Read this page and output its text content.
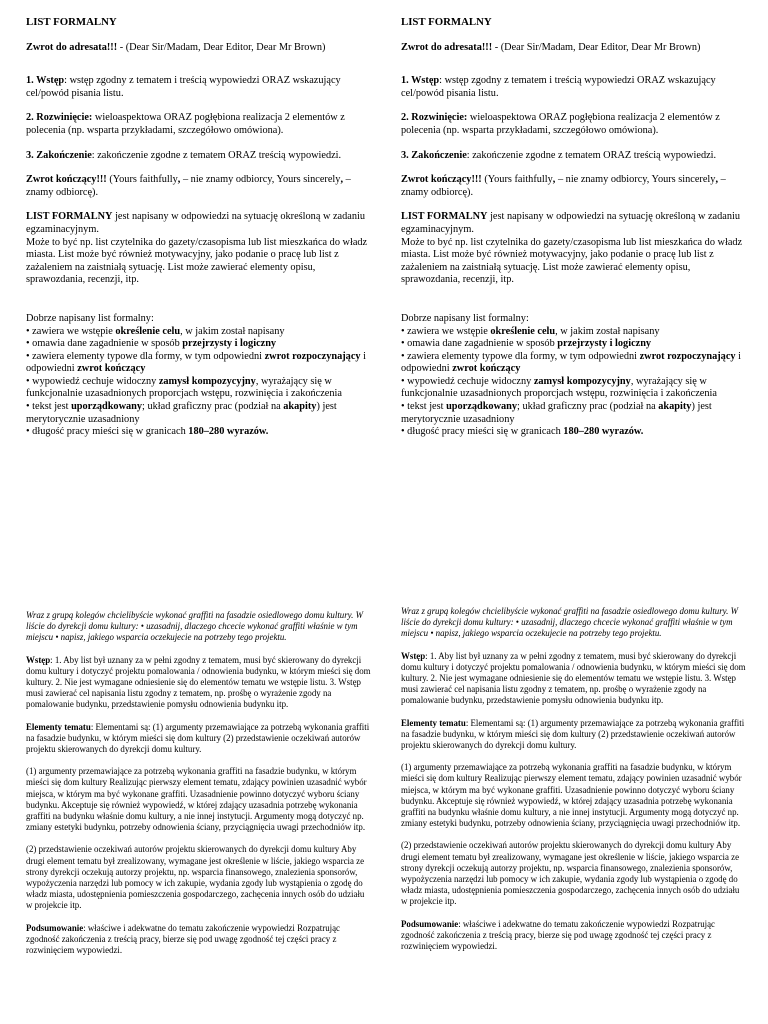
LIST FORMALNY

Zwrot do adresata!!! - (Dear Sir/Madam, Dear Editor, Dear Mr Brown)

1. Wstęp: wstęp zgodny z tematem i treścią wypowiedzi ORAZ wskazujący cel/powód pisania listu.

2. Rozwinięcie: wieloaspektowa ORAZ pogłębiona realizacja 2 elementów z polecenia (np. wsparta przykładami, szczegółowo omówiona).

3. Zakończenie: zakończenie zgodne z tematem ORAZ treścią wypowiedzi.

Zwrot kończący!!! (Yours faithfully, – nie znamy odbiorcy, Yours sincerely, – znamy odbiorcę).

LIST FORMALNY jest napisany w odpowiedzi na sytuację określoną w zadaniu egzaminacyjnym.
Może to być np. list czytelnika do gazety/czasopisma lub list mieszkańca do władz miasta. List może być również motywacyjny, jako podanie o pracę lub list z zażaleniem na zaistniałą sytuację. List może zawierać elementy opisu, sprawozdania, recenzji, itp.

Dobrze napisany list formalny:
• zawiera we wstępie określenie celu, w jakim został napisany
• omawia dane zagadnienie w sposób przejrzysty i logiczny
• zawiera elementy typowe dla formy, w tym odpowiedni zwrot rozpoczynający i odpowiedni zwrot kończący
• wypowiedź cechuje widoczny zamysł kompozycyjny, wyrażający się w funkcjonalnie uzasadnionych proporcjach wstępu, rozwinięcia i zakończenia
• tekst jest uporządkowany; układ graficzny prac (podział na akapity) jest merytorycznie uzasadniony
• długość pracy mieści się w granicach 180–280 wyrazów.

LIST FORMALNY

Zwrot do adresata!!! - (Dear Sir/Madam, Dear Editor, Dear Mr Brown)

1. Wstęp: wstęp zgodny z tematem i treścią wypowiedzi ORAZ wskazujący cel/powód pisania listu.

2. Rozwinięcie: wieloaspektowa ORAZ pogłębiona realizacja 2 elementów z polecenia (np. wsparta przykładami, szczegółowo omówiona).

3. Zakończenie: zakończenie zgodne z tematem ORAZ treścią wypowiedzi.

Zwrot kończący!!! (Yours faithfully, – nie znamy odbiorcy, Yours sincerely, – znamy odbiorcę).

LIST FORMALNY jest napisany w odpowiedzi na sytuację określoną w zadaniu egzaminacyjnym.
Może to być np. list czytelnika do gazety/czasopisma lub list mieszkańca do władz miasta. List może być również motywacyjny, jako podanie o pracę lub list z zażaleniem na zaistniałą sytuację. List może zawierać elementy opisu, sprawozdania, recenzji, itp.

Dobrze napisany list formalny:
• zawiera we wstępie określenie celu, w jakim został napisany
• omawia dane zagadnienie w sposób przejrzysty i logiczny
• zawiera elementy typowe dla formy, w tym odpowiedni zwrot rozpoczynający i odpowiedni zwrot kończący
• wypowiedź cechuje widoczny zamysł kompozycyjny, wyrażający się w funkcjonalnie uzasadnionych proporcjach wstępu, rozwinięcia i zakończenia
• tekst jest uporządkowany; układ graficzny prac (podział na akapity) jest merytorycznie uzasadniony
• długość pracy mieści się w granicach 180–280 wyrazów.

Wraz z grupą kolegów chcielibyście wykonać graffiti na fasadzie osiedlowego domu kultury. W liście do dyrekcji domu kultury: • uzasadnij, dlaczego chcecie wykonać graffiti właśnie w tym miejscu • napisz, jakiego wsparcia oczekujecie na potrzeby tego projektu.

Wstęp: 1. Aby list był uznany za w pełni zgodny z tematem, musi być skierowany do dyrekcji domu kultury i dotyczyć projektu pomalowania / odnowienia budynku, w którym mieści się dom kultury. 2. Nie jest wymagane odniesienie się do elementów tematu we wstępie listu. 3. Wstęp musi zawierać cel napisania listu zgodny z tematem, np. prośbę o wyrażenie zgody na pomalowanie budynku, przedstawienie pomysłu odnowienia budynku itp.

Elementy tematu: Elementami są: (1) argumenty przemawiające za potrzebą wykonania graffiti na fasadzie budynku, w którym mieści się dom kultury (2) przedstawienie oczekiwań autorów projektu skierowanych do dyrekcji domu kultury.

(1) argumenty przemawiające za potrzebą wykonania graffiti na fasadzie budynku, w którym mieści się dom kultury Realizując pierwszy element tematu, zdający powinien uzasadnić wybór miejsca, w którym ma być wykonane graffiti. Uzasadnienie powinno dotyczyć wyboru ściany budynku. Akceptuje się również wypowiedź, w której zdający uzasadnia potrzebę wykonania graffiti na budynku właśnie domu kultury, a nie innej instytucji. Argumenty mogą dotyczyć np. zmiany estetyki budynku, potrzeby odnowienia ściany, przyciągnięcia uwagi przechodniów itp.

(2) przedstawienie oczekiwań autorów projektu skierowanych do dyrekcji domu kultury Aby drugi element tematu był zrealizowany, wymagane jest określenie w liście, jakiego wsparcia ze strony dyrekcji oczekują autorzy projektu, np. wsparcia finansowego, znalezienia sponsorów, wypożyczenia narzędzi lub pomocy w ich zakupie, wydania zgody lub wystąpienia o zgodę do władz miasta, udostępnienia pomieszczenia gospodarczego, zachęcenia innych osób do udziału w projekcie itp.

Podsumowanie: właściwe i adekwatne do tematu zakończenie wypowiedzi Rozpatrując zgodność zakończenia z treścią pracy, bierze się pod uwagę zgodność tej części pracy z rozwinięciem wypowiedzi.

Wraz z grupą kolegów chcielibyście wykonać graffiti na fasadzie osiedlowego domu kultury. W liście do dyrekcji domu kultury: • uzasadnij, dlaczego chcecie wykonać graffiti właśnie w tym miejscu • napisz, jakiego wsparcia oczekujecie na potrzeby tego projektu.

Wstęp: 1. Aby list był uznany za w pełni zgodny z tematem, musi być skierowany do dyrekcji domu kultury i dotyczyć projektu pomalowania / odnowienia budynku, w którym mieści się dom kultury. 2. Nie jest wymagane odniesienie się do elementów tematu we wstępie listu. 3. Wstęp musi zawierać cel napisania listu zgodny z tematem, np. prośbę o wyrażenie zgody na pomalowanie budynku, przedstawienie pomysłu odnowienia budynku itp.

Elementy tematu: Elementami są: (1) argumenty przemawiające za potrzebą wykonania graffiti na fasadzie budynku, w którym mieści się dom kultury (2) przedstawienie oczekiwań autorów projektu skierowanych do dyrekcji domu kultury.

(1) argumenty przemawiające za potrzebą wykonania graffiti na fasadzie budynku, w którym mieści się dom kultury Realizując pierwszy element tematu, zdający powinien uzasadnić wybór miejsca, w którym ma być wykonane graffiti. Uzasadnienie powinno dotyczyć wyboru ściany budynku. Akceptuje się również wypowiedź, w której zdający uzasadnia potrzebę wykonania graffiti na budynku właśnie domu kultury, a nie innej instytucji. Argumenty mogą dotyczyć np. zmiany estetyki budynku, potrzeby odnowienia ściany, przyciągnięcia uwagi przechodniów itp.

(2) przedstawienie oczekiwań autorów projektu skierowanych do dyrekcji domu kultury Aby drugi element tematu był zrealizowany, wymagane jest określenie w liście, jakiego wsparcia ze strony dyrekcji oczekują autorzy projektu, np. wsparcia finansowego, znalezienia sponsorów, wypożyczenia narzędzi lub pomocy w ich zakupie, wydania zgody lub wystąpienia o zgodę do władz miasta, udostępnienia pomieszczenia gospodarczego, zachęcenia innych osób do udziału w projekcie itp.

Podsumowanie: właściwe i adekwatne do tematu zakończenie wypowiedzi Rozpatrując zgodność zakończenia z treścią pracy, bierze się pod uwagę zgodność tej części pracy z rozwinięciem wypowiedzi.
